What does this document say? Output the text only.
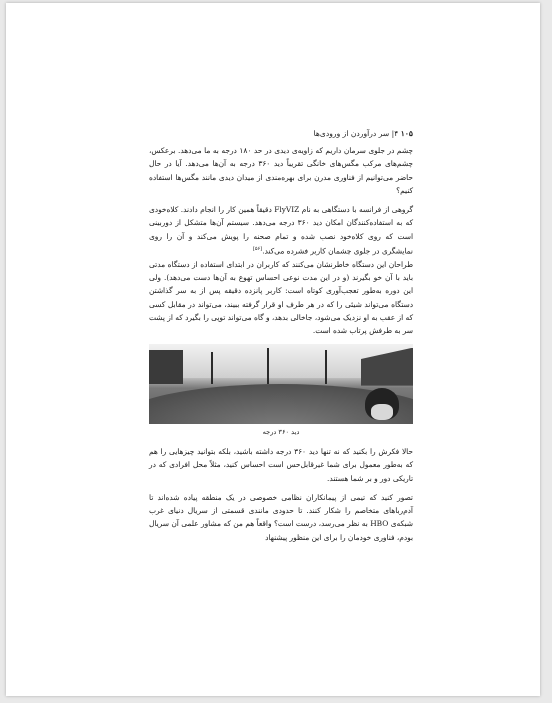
۱۰۵ ۴| سر درآوردن از ورودی‌ها

چشم در جلوی سرمان داریم که زاویه‌ی دیدی در حد ۱۸۰ درجه به ما می‌دهد. برعکس، چشم‌های مرکب مگس‌های خانگی تقریباً دید ۳۶۰ درجه به آن‌ها می‌دهد. آیا در حال حاضر می‌توانیم از فناوری مدرن برای بهره‌مندی از میدان دیدی مانند مگس‌ها استفاده کنیم؟

گروهی از فرانسه با دستگاهی به نام FlyVIZ دقیقاً همین کار را انجام دادند. کلاه‌خودی که به استفاده‌کنندگان امکان دید ۳۶۰ درجه می‌دهد. سیستم آن‌ها متشکل از دوربینی است که روی کلاه‌خود نصب شده و تمام صحنه را پویش می‌کند و آن را روی نمایشگری در جلوی چشمان کاربر فشرده می‌کند.[۵۶]

طراحان این دستگاه خاطرنشان می‌کنند که کاربران در ابتدای استفاده از دستگاه مدتی باید با آن خو بگیرند (و در این مدت نوعی احساس تهوع به آن‌ها دست می‌دهد). ولی این دوره به‌طور تعجب‌آوری کوتاه است: کاربر پانزده دقیقه پس از به سر گذاشتن دستگاه می‌تواند شیئی را که در هر طرف او قرار گرفته ببیند، می‌تواند در مقابل کسی که از عقب به او نزدیک می‌شود، جاخالی بدهد، و گاه می‌تواند توپی را بگیرد که از پشت سر به طرفش پرتاب شده است.

دید ۳۶۰ درجه

حالا فکرش را بکنید که نه تنها دید ۳۶۰ درجه داشته باشید، بلکه بتوانید چیزهایی را هم که به‌طور معمول برای شما غیرقابل‌حس است احساس کنید، مثلاً محل افرادی که در تاریکی دور و بر شما هستند.

تصور کنید که تیمی از پیمانکاران نظامی خصوصی در یک منطقه پیاده شده‌اند تا آدم‌ربا‌های متخاصم را شکار کنند. تا حدودی مانندی قسمتی از سریال دنیای غرب شبکه‌ی HBO به نظر می‌رسد، درست است؟ واقعاً هم من که مشاور علمی آن سریال بودم، فناوری خودمان را برای این منظور پیشنهاد
